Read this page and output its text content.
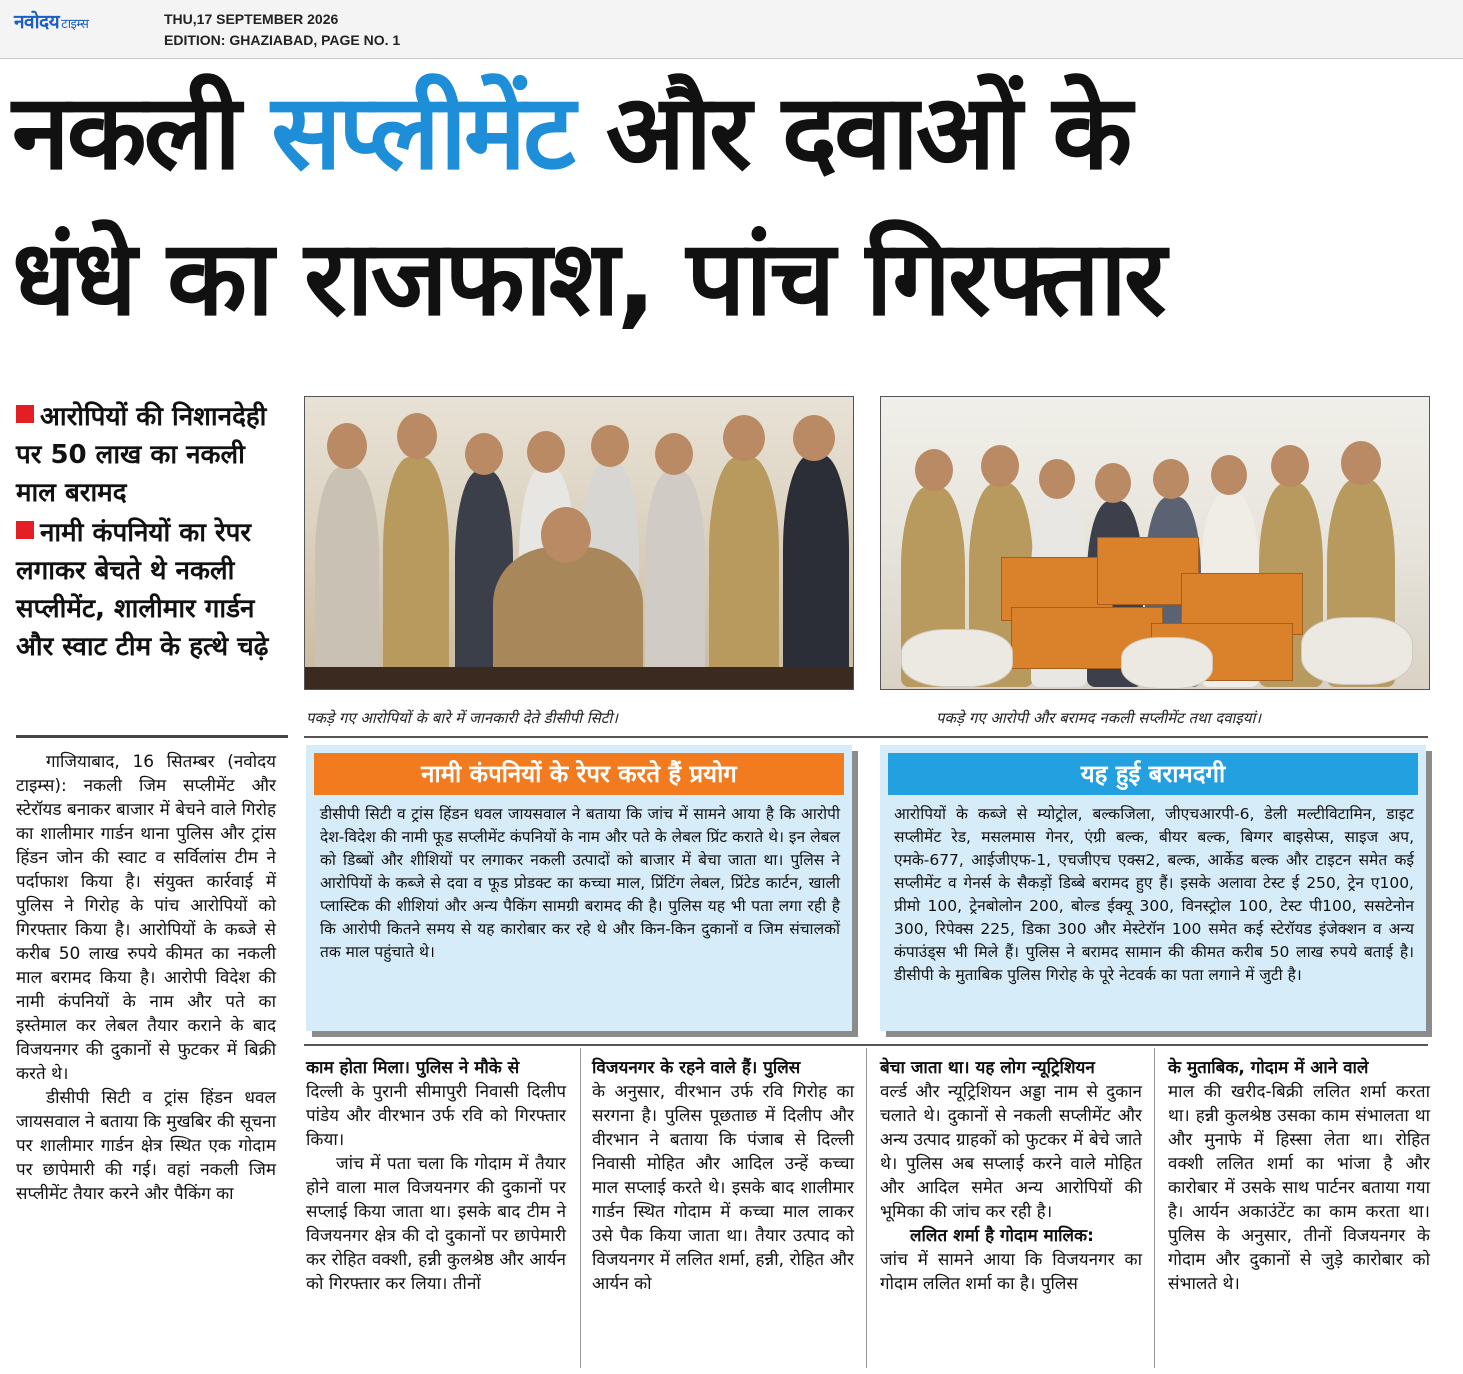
नवोदय टाइम्स	THU,17 SEPTEMBER 2026
EDITION: GHAZIABAD, PAGE NO. 1
नकली सप्लीमेंट और दवाओं के
धंधे का राजफाश, पांच गिरफ्तार
आरोपियों की निशानदेही पर 50 लाख का नकली माल बरामद
नामी कंपनियों का रेपर लगाकर बेचते थे नकली सप्लीमेंट, शालीमार गार्डन और स्वाट टीम के हत्थे चढ़े
पकड़े गए आरोपियों के बारे में जानकारी देते डीसीपी सिटी।	पकड़े गए आरोपी और बरामद नकली सप्लीमेंट तथा दवाइयां।
नामी कंपनियों के रेपर करते हैं प्रयोग
डीसीपी सिटी व ट्रांस हिंडन धवल जायसवाल ने बताया कि जांच में सामने आया है कि आरोपी देश-विदेश की नामी फूड सप्लीमेंट कंपनियों के नाम और पते के लेबल प्रिंट कराते थे। इन लेबल को डिब्बों और शीशियों पर लगाकर नकली उत्पादों को बाजार में बेचा जाता था। पुलिस ने आरोपियों के कब्जे से दवा व फूड प्रोडक्ट का कच्चा माल, प्रिंटिंग लेबल, प्रिंटेड कार्टन, खाली प्लास्टिक की शीशियां और अन्य पैकिंग सामग्री बरामद की है। पुलिस यह भी पता लगा रही है कि आरोपी कितने समय से यह कारोबार कर रहे थे और किन-किन दुकानों व जिम संचालकों तक माल पहुंचाते थे।
यह हुई बरामदगी
आरोपियों के कब्जे से म्योट्रोल, बल्कजिला, जीएचआरपी-6, डेली मल्टीविटामिन, डाइट सप्लीमेंट रेड, मसलमास गेनर, एंग्री बल्क, बीयर बल्क, बिग्गर बाइसेप्स, साइज अप, एमके-677, आईजीएफ-1, एचजीएच एक्स2, बल्क, आर्केड बल्क और टाइटन समेत कई सप्लीमेंट व गेनर्स के सैकड़ों डिब्बे बरामद हुए हैं। इसके अलावा टेस्ट ई 250, ट्रेन ए100, प्रीमो 100, ट्रेनबोलोन 200, बोल्ड ईक्यू 300, विनस्ट्रोल 100, टेस्ट पी100, ससटेनोन 300, रिपेक्स 225, डिका 300 और मेस्टेरॉन 100 समेत कई स्टेरॉयड इंजेक्शन व अन्य कंपाउंड्स भी मिले हैं। पुलिस ने बरामद सामान की कीमत करीब 50 लाख रुपये बताई है। डीसीपी के मुताबिक पुलिस गिरोह के पूरे नेटवर्क का पता लगाने में जुटी है।

गाजियाबाद, 16 सितम्बर (नवोदय टाइम्स): नकली जिम सप्लीमेंट और स्टेरॉयड बनाकर बाजार में बेचने वाले गिरोह का शालीमार गार्डन थाना पुलिस और ट्रांस हिंडन जोन की स्वाट व सर्विलांस टीम ने पर्दाफाश किया है। संयुक्त कार्रवाई में पुलिस ने गिरोह के पांच आरोपियों को गिरफ्तार किया है। आरोपियों के कब्जे से करीब 50 लाख रुपये कीमत का नकली माल बरामद किया है। आरोपी विदेश की नामी कंपनियों के नाम और पते का इस्तेमाल कर लेबल तैयार कराने के बाद विजयनगर की दुकानों से फुटकर में बिक्री करते थे।

डीसीपी सिटी व ट्रांस हिंडन धवल जायसवाल ने बताया कि मुखबिर की सूचना पर शालीमार गार्डन क्षेत्र स्थित एक गोदाम पर छापेमारी की गई। वहां नकली जिम सप्लीमेंट तैयार करने और पैकिंग का

काम होता मिला। पुलिस ने मौके से

दिल्ली के पुरानी सीमापुरी निवासी दिलीप पांडेय और वीरभान उर्फ रवि को गिरफ्तार किया।

जांच में पता चला कि गोदाम में तैयार होने वाला माल विजयनगर की दुकानों पर सप्लाई किया जाता था। इसके बाद टीम ने विजयनगर क्षेत्र की दो दुकानों पर छापेमारी कर रोहित वक्शी, हन्नी कुलश्रेष्ठ और आर्यन को गिरफ्तार कर लिया। तीनों

विजयनगर के रहने वाले हैं। पुलिस

के अनुसार, वीरभान उर्फ रवि गिरोह का सरगना है। पुलिस पूछताछ में दिलीप और वीरभान ने बताया कि पंजाब से दिल्ली निवासी मोहित और आदिल उन्हें कच्चा माल सप्लाई करते थे। इसके बाद शालीमार गार्डन स्थित गोदाम में कच्चा माल लाकर उसे पैक किया जाता था। तैयार उत्पाद को विजयनगर में ललित शर्मा, हन्नी, रोहित और आर्यन को

बेचा जाता था। यह लोग न्यूट्रिशियन

वर्ल्ड और न्यूट्रिशियन अड्डा नाम से दुकान चलाते थे। दुकानों से नकली सप्लीमेंट और अन्य उत्पाद ग्राहकों को फुटकर में बेचे जाते थे। पुलिस अब सप्लाई करने वाले मोहित और आदिल समेत अन्य आरोपियों की भूमिका की जांच कर रही है।

ललित शर्मा है गोदाम मालिक:

जांच में सामने आया कि विजयनगर का गोदाम ललित शर्मा का है। पुलिस

के मुताबिक, गोदाम में आने वाले

माल की खरीद-बिक्री ललित शर्मा करता था। हन्नी कुलश्रेष्ठ उसका काम संभालता था और मुनाफे में हिस्सा लेता था। रोहित वक्शी ललित शर्मा का भांजा है और कारोबार में उसके साथ पार्टनर बताया गया है। आर्यन अकाउंटेंट का काम करता था। पुलिस के अनुसार, तीनों विजयनगर के गोदाम और दुकानों से जुड़े कारोबार को संभालते थे।
